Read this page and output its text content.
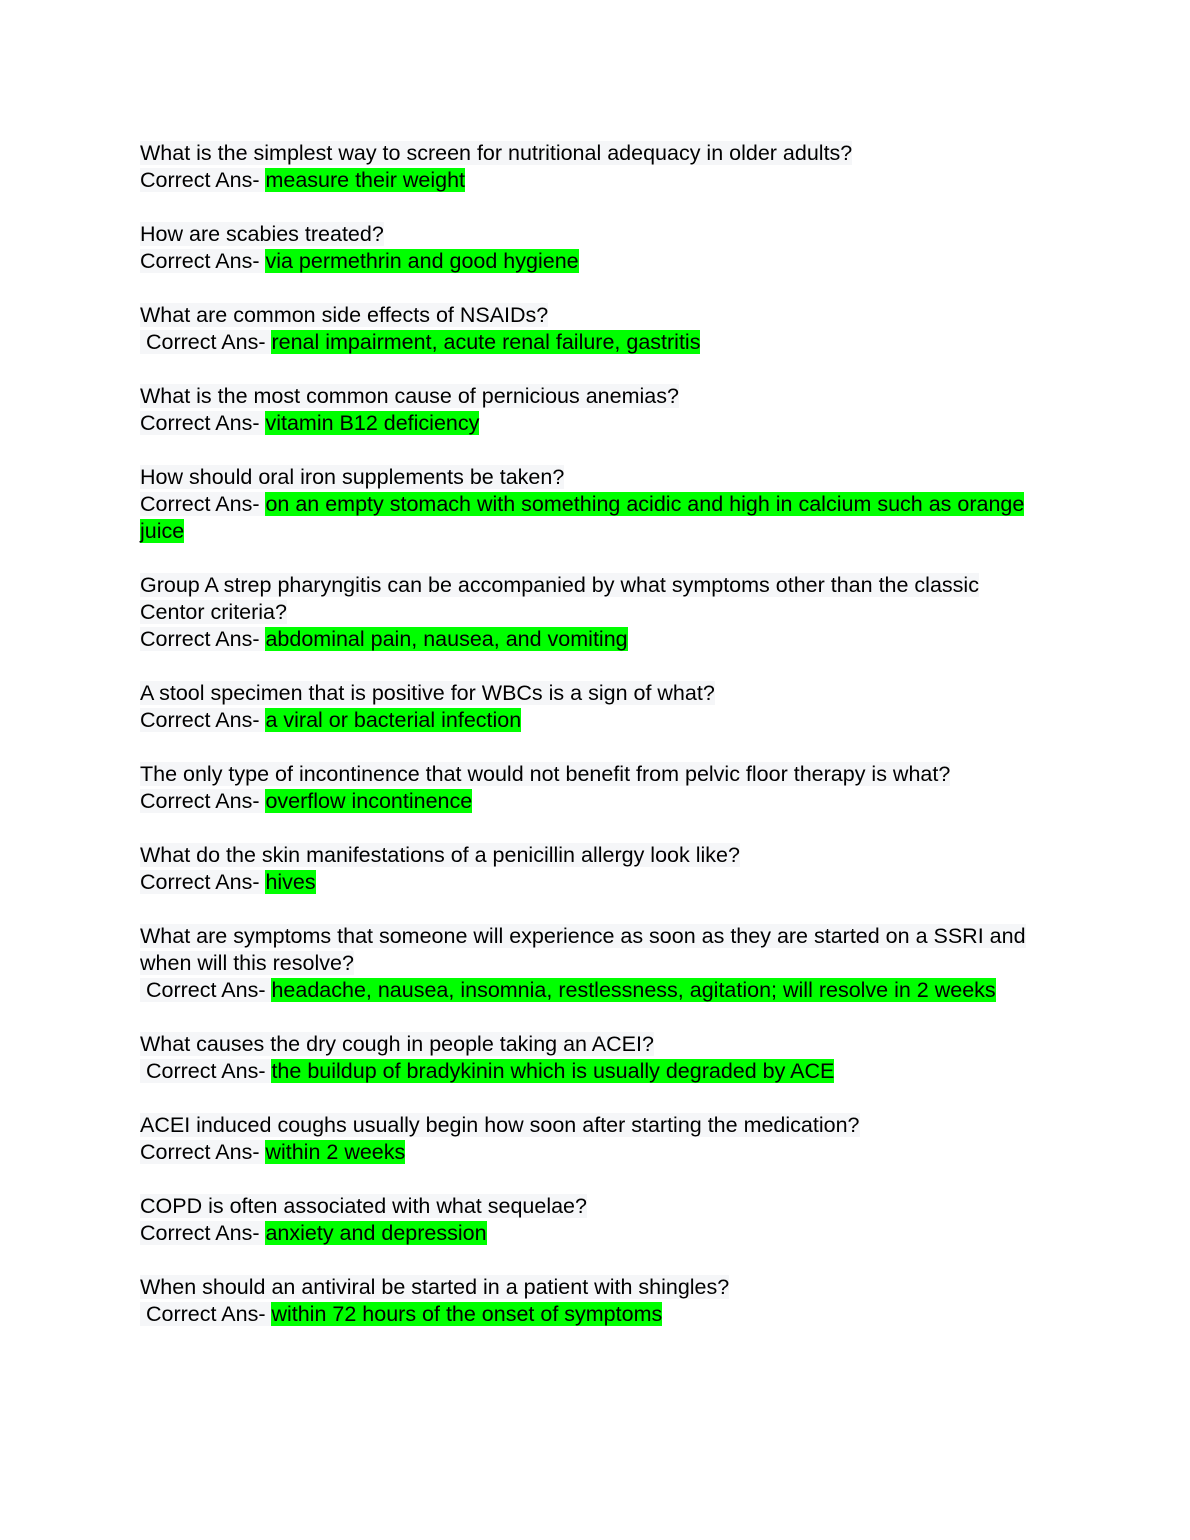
What is the simplest way to screen for nutritional adequacy in older adults?
Correct Ans- measure their weight
How are scabies treated?
Correct Ans- via permethrin and good hygiene
What are common side effects of NSAIDs?
Correct Ans- renal impairment, acute renal failure, gastritis
What is the most common cause of pernicious anemias?
Correct Ans- vitamin B12 deficiency
How should oral iron supplements be taken?
Correct Ans- on an empty stomach with something acidic and high in calcium such as orange juice
Group A strep pharyngitis can be accompanied by what symptoms other than the classic Centor criteria?
Correct Ans- abdominal pain, nausea, and vomiting
A stool specimen that is positive for WBCs is a sign of what?
Correct Ans- a viral or bacterial infection
The only type of incontinence that would not benefit from pelvic floor therapy is what?
Correct Ans- overflow incontinence
What do the skin manifestations of a penicillin allergy look like?
Correct Ans- hives
What are symptoms that someone will experience as soon as they are started on a SSRI and when will this resolve?
Correct Ans- headache, nausea, insomnia, restlessness, agitation; will resolve in 2 weeks
What causes the dry cough in people taking an ACEI?
Correct Ans- the buildup of bradykinin which is usually degraded by ACE
ACEI induced coughs usually begin how soon after starting the medication?
Correct Ans- within 2 weeks
COPD is often associated with what sequelae?
Correct Ans- anxiety and depression
When should an antiviral be started in a patient with shingles?
Correct Ans- within 72 hours of the onset of symptoms
